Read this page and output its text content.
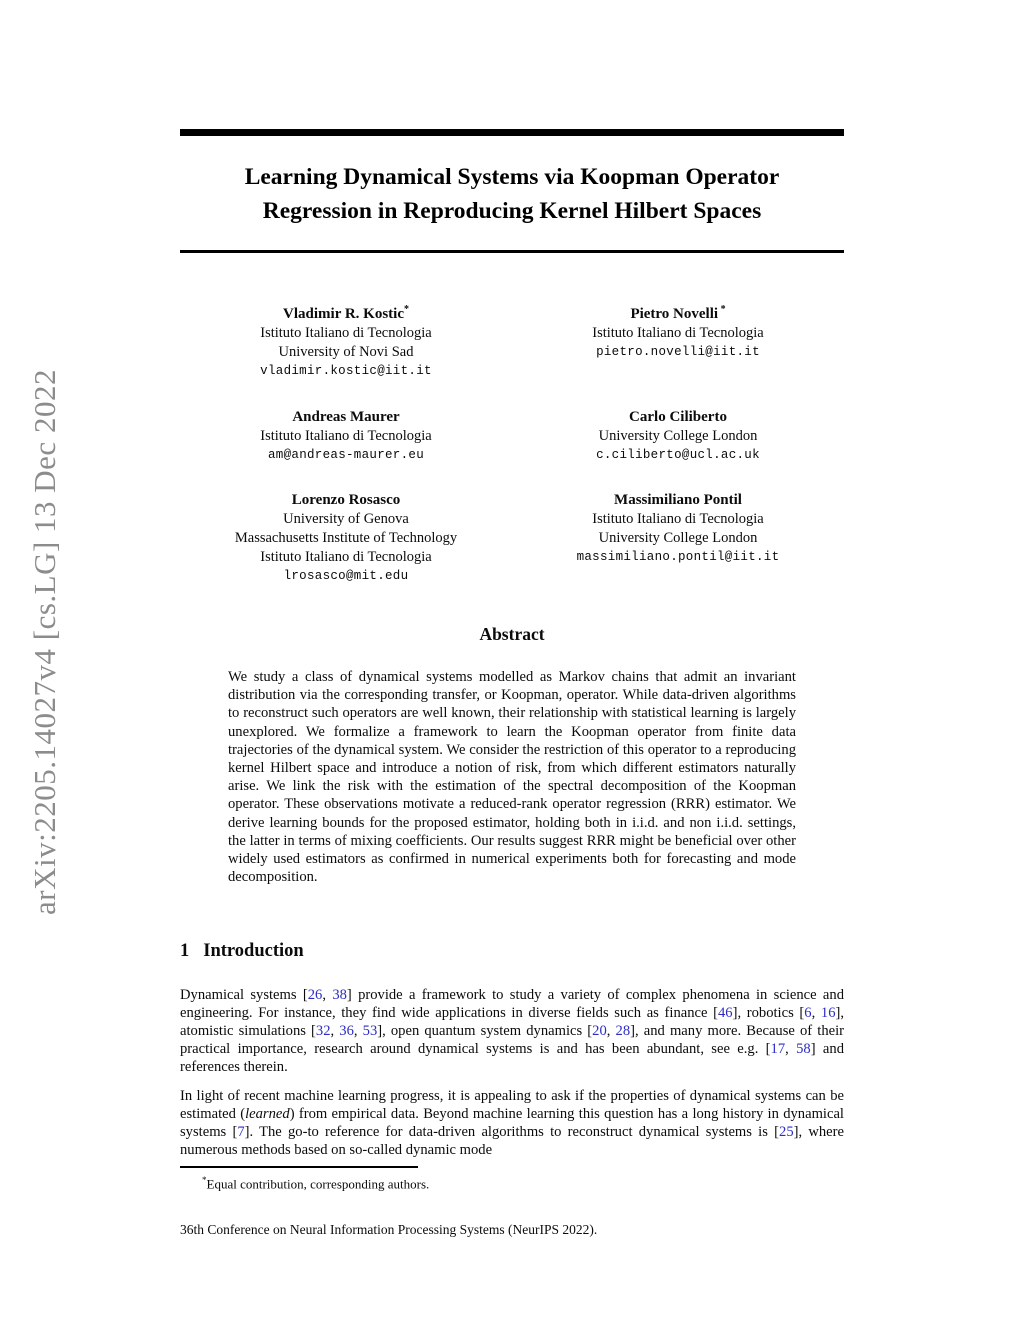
arXiv:2205.14027v4 [cs.LG] 13 Dec 2022
Learning Dynamical Systems via Koopman Operator
Regression in Reproducing Kernel Hilbert Spaces
Vladimir R. Kostic*
Istituto Italiano di Tecnologia
University of Novi Sad
vladimir.kostic@iit.it
Pietro Novelli *
Istituto Italiano di Tecnologia
pietro.novelli@iit.it
Andreas Maurer
Istituto Italiano di Tecnologia
am@andreas-maurer.eu
Carlo Ciliberto
University College London
c.ciliberto@ucl.ac.uk
Lorenzo Rosasco
University of Genova
Massachusetts Institute of Technology
Istituto Italiano di Tecnologia
lrosasco@mit.edu
Massimiliano Pontil
Istituto Italiano di Tecnologia
University College London
massimiliano.pontil@iit.it
Abstract
We study a class of dynamical systems modelled as Markov chains that admit an invariant distribution via the corresponding transfer, or Koopman, operator. While data-driven algorithms to reconstruct such operators are well known, their relationship with statistical learning is largely unexplored. We formalize a framework to learn the Koopman operator from finite data trajectories of the dynamical system. We consider the restriction of this operator to a reproducing kernel Hilbert space and introduce a notion of risk, from which different estimators naturally arise. We link the risk with the estimation of the spectral decomposition of the Koopman operator. These observations motivate a reduced-rank operator regression (RRR) estimator. We derive learning bounds for the proposed estimator, holding both in i.i.d. and non i.i.d. settings, the latter in terms of mixing coefficients. Our results suggest RRR might be beneficial over other widely used estimators as confirmed in numerical experiments both for forecasting and mode decomposition.
1 Introduction
Dynamical systems [26, 38] provide a framework to study a variety of complex phenomena in science and engineering. For instance, they find wide applications in diverse fields such as finance [46], robotics [6, 16], atomistic simulations [32, 36, 53], open quantum system dynamics [20, 28], and many more. Because of their practical importance, research around dynamical systems is and has been abundant, see e.g. [17, 58] and references therein.
In light of recent machine learning progress, it is appealing to ask if the properties of dynamical systems can be estimated (learned) from empirical data. Beyond machine learning this question has a long history in dynamical systems [7]. The go-to reference for data-driven algorithms to reconstruct dynamical systems is [25], where numerous methods based on so-called dynamic mode
*Equal contribution, corresponding authors.
36th Conference on Neural Information Processing Systems (NeurIPS 2022).
